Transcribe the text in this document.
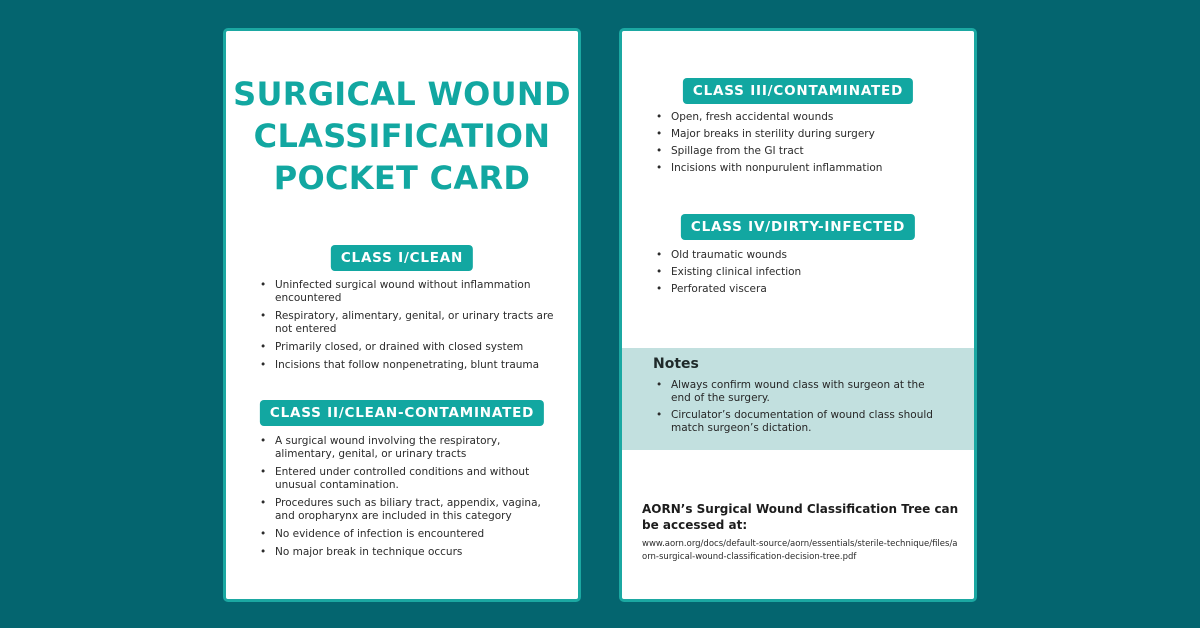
SURGICAL WOUND
CLASSIFICATION
POCKET CARD
CLASS I/CLEAN
• Uninfected surgical wound without inflammation encountered
• Respiratory, alimentary, genital, or urinary tracts are not entered
• Primarily closed, or drained with closed system
• Incisions that follow nonpenetrating, blunt trauma
CLASS II/CLEAN-CONTAMINATED
• A surgical wound involving the respiratory, alimentary, genital, or urinary tracts
• Entered under controlled conditions and without unusual contamination.
• Procedures such as biliary tract, appendix, vagina, and oropharynx are included in this category
• No evidence of infection is encountered
• No major break in technique occurs
CLASS III/CONTAMINATED
• Open, fresh accidental wounds
• Major breaks in sterility during surgery
• Spillage from the GI tract
• Incisions with nonpurulent inflammation
CLASS IV/DIRTY-INFECTED
• Old traumatic wounds
• Existing clinical infection
• Perforated viscera
Notes
• Always confirm wound class with surgeon at the end of the surgery.
• Circulator’s documentation of wound class should match surgeon’s dictation.
AORN’s Surgical Wound Classification Tree can be accessed at:
www.aorn.org/docs/default-source/aorn/essentials/sterile-technique/files/aorn-surgical-wound-classification-decision-tree.pdf
